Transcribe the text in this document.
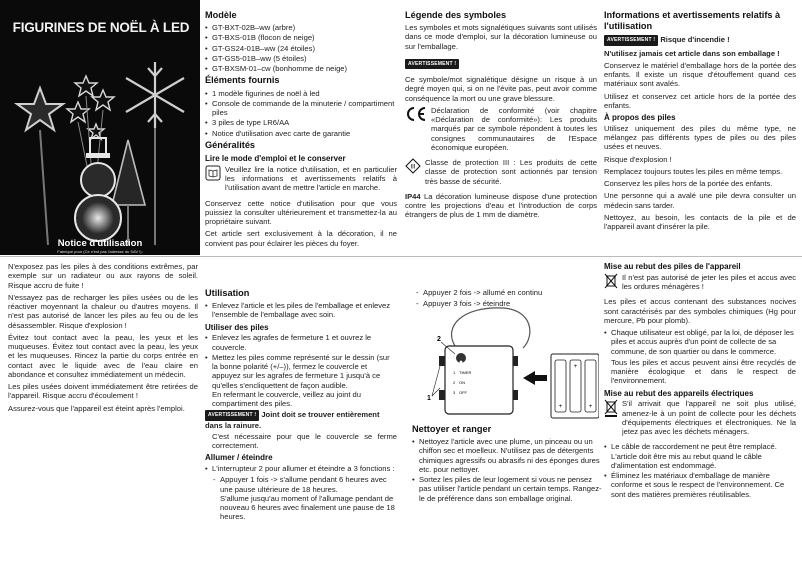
FIGURINES DE NOËL À LED
Notice d'utilisation
Fabriqué pour (Ce n'est pas l'adresse du SAV !):
Modèle
• GT-BXT-02B–ww (arbre)
• GT-BXS-01B (flocon de neige)
• GT-GS24-01B–ww (24 étoiles)
• GT-GS5-01B–ww (5 étoiles)
• GT-BXSM-01–cw (bonhomme de neige)
Éléments fournis
• 1 modèle figurines de noël à led
• Console de commande de la minuterie / compartiment piles
• 3 piles de type LR6/AA
• Notice d'utilisation avec carte de garantie
Généralités
Lire le mode d'emploi et le conserver

Veuillez lire la notice d'utilisation, et en particulier les informations et avertissements relatifs à l'utilisation avant de mettre l'article en marche.

Conservez cette notice d'utilisation pour que vous puissiez la consulter ultérieurement et transmettez-la au propriétaire suivant.

Cet article sert exclusivement à la décoration, il ne convient pas pour éclairer les pièces du foyer.

Légende des symboles

Les symboles et mots signalétiques suivants sont utilisés dans ce mode d'emploi, sur la décoration lumineuse ou sur l'emballage.

AVERTISSEMENT !

Ce symbole/mot signalétique désigne un risque à un degré moyen qui, si on ne l'évite pas, peut avoir comme conséquence la mort ou une grave blessure.

Déclaration de conformité (voir chapitre «Déclaration de conformité»): Les produits marqués par ce symbole répondent à toutes les consignes communautaires de l'Espace économique européen.

III

Classe de protection III : Les produits de cette classe de protection sont actionnés par tension très basse de sécurité.

IP44 La décoration lumineuse dispose d'une protection contre les projections d'eau et l'introduction de corps étrangers de plus de 1 mm de diamètre.

Informations et avertissements relatifs à l'utilisation
AVERTISSEMENT ! Risque d'incendie !

N'utilisez jamais cet article dans son emballage !

Conservez le matériel d'emballage hors de la portée des enfants. Il existe un risque d'étouffement quand ces matériaux sont avalés.

Utilisez et conservez cet article hors de la portée des enfants.

À propos des piles

Utilisez uniquement des piles du même type, ne mélangez pas différents types de piles ou des piles usées et neuves.

Risque d'explosion !

Remplacez toujours toutes les piles en même temps.

Conservez les piles hors de la portée des enfants.

Une personne qui a avalé une pile devra consulter un médecin sans tarder.

Nettoyez, au besoin, les contacts de la pile et de l'appareil avant d'insérer la pile.

N'exposez pas les piles à des conditions extrêmes, par exemple sur un radiateur ou aux rayons de soleil. Risque accru de fuite !

N'essayez pas de recharger les piles usées ou de les réactiver moyennant la chaleur ou d'autres moyens. Il n'est pas autorisé de lancer les piles au feu ou de les désassembler. Risque d'explosion !

Évitez tout contact avec la peau, les yeux et les muqueuses. Évitez tout contact avec la peau, les yeux et les muqueuses. Rincez la partie du corps entrée en contact avec le liquide avec de l'eau claire en abondance et consultez immédiatement un médecin.

Les piles usées doivent immédiatement être retirées de l'appareil. Risque accru d'écoulement !

Assurez-vous que l'appareil est éteint après l'emploi.

Utilisation
• Enlevez l'article et les piles de l'emballage et enlevez l'ensemble de l'emballage avec soin.
Utiliser des piles
• Enlevez les agrafes de fermeture 1 et ouvrez le couvercle.
• Mettez les piles comme représenté sur le dessin (sur la bonne polarité (+/–)), fermez le couvercle et appuyez sur les agrafes de fermeture 1 jusqu'à ce qu'elles s'encliquettent de façon audible.
En refermant le couvercle, veillez au joint du compartiment des piles.
AVERTISSEMENT ! Joint doit se trouver entièrement dans la rainure.

C'est nécessaire pour que le couvercle se ferme correctement.

Allumer / éteindre
• L'interrupteur 2 pour allumer et éteindre a 3 fonctions :
- Appuyer 1 fois -> s'allume pendant 6 heures avec une pause ultérieure de 18 heures.
S'allume jusqu'au moment of l'allumage pendant de nouveau 6 heures avec finalement une pause de 18 heures.
- Appuyer 2 fois -> allumé en continu
- Appuyer 3 fois -> éteindre
TIMER
ON
OFF
1
2
3
2
1
+
+
+
Nettoyer et ranger
• Nettoyez l'article avec une plume, un pinceau ou un chiffon sec et moelleux. N'utilisez pas de détergents chimiques agressifs ou abrasifs ni des éponges dures etc. pour nettoyer.
• Sortez les piles de leur logement si vous ne pensez pas utiliser l'article pendant un certain temps. Rangez-le de préférence dans son emballage original.
Mise au rebut des piles de l'appareil

Il n'est pas autorisé de jeter les piles et accus avec les ordures ménagères !

Les piles et accus contenant des substances nocives sont caractérisés par des symboles chimiques (Hg pour mercure, Pb pour plomb).

• Chaque utilisateur est obligé, par la loi, de déposer les piles et accus auprès d'un point de collecte de sa commune, de son quartier ou dans le commerce.

Tous les piles et accus peuvent ainsi être recyclés de manière écologique et dans le respect de l'environnement.

Mise au rebut des appareils électriques

S'il arrivait que l'appareil ne soit plus utilisé, amenez-le à un point de collecte pour les déchets d'équipements électriques et électroniques. Ne la jetez pas avec les déchets ménagers.

• Le câble de raccordement ne peut être remplacé. L'article doit être mis au rebut quand le câble d'alimentation est endommagé.
• Éliminez les matériaux d'emballage de manière conforme et sous le respect de l'environnement. Ce sont des matières premières réutilisables.
